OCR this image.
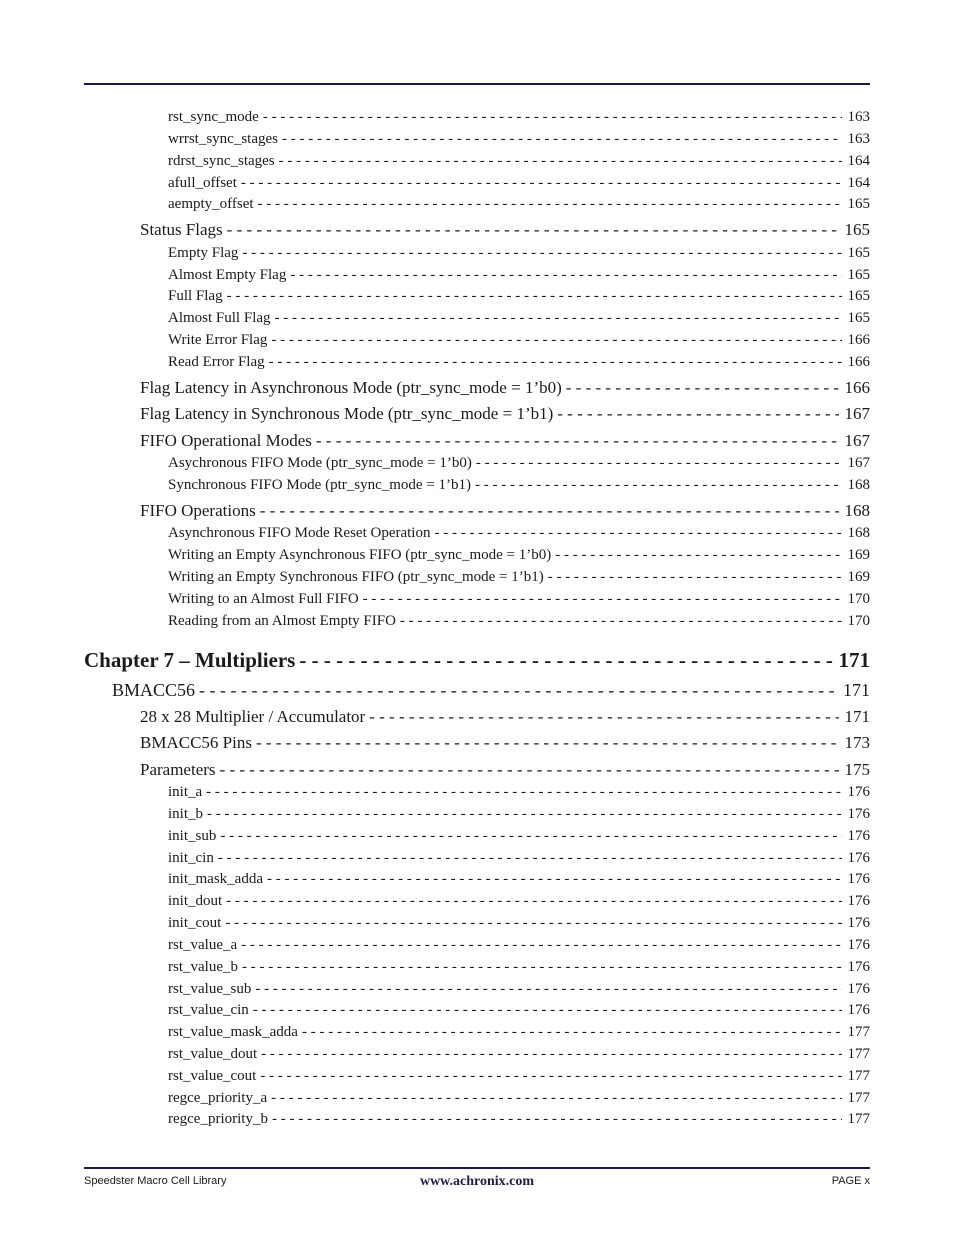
rst_sync_mode - - -	163
wrrst_sync_stages - - -	163
rdrst_sync_stages - - -	164
afull_offset - - -	164
aempty_offset - - -	165
Status Flags - - -	165
Empty Flag - - -	165
Almost Empty Flag - - -	165
Full Flag - - -	165
Almost Full Flag - - -	165
Write Error Flag - - -	166
Read Error Flag - - -	166
Flag Latency in Asynchronous Mode (ptr_sync_mode = 1’b0) - - -	166
Flag Latency in Synchronous Mode (ptr_sync_mode = 1’b1) - - -	167
FIFO Operational Modes - - -	167
Asychronous FIFO Mode (ptr_sync_mode = 1’b0) - - -	167
Synchronous FIFO Mode (ptr_sync_mode = 1’b1) - - -	168
FIFO Operations - - -	168
Asynchronous FIFO Mode Reset Operation - - -	168
Writing an Empty Asynchronous FIFO (ptr_sync_mode = 1’b0) - - -	169
Writing an Empty Synchronous FIFO (ptr_sync_mode = 1’b1) - - -	169
Writing to an Almost Full FIFO - - -	170
Reading from an Almost Empty FIFO - - -	170
Chapter 7 – Multipliers - - -	171
BMACC56 - - -	171
28 x 28 Multiplier / Accumulator - - -	171
BMACC56 Pins - - -	173
Parameters - - -	175
init_a - - -	176
init_b - - -	176
init_sub - - -	176
init_cin - - -	176
init_mask_adda - - -	176
init_dout - - -	176
init_cout - - -	176
rst_value_a - - -	176
rst_value_b - - -	176
rst_value_sub - - -	176
rst_value_cin - - -	176
rst_value_mask_adda - - -	177
rst_value_dout - - -	177
rst_value_cout - - -	177
regce_priority_a - - -	177
regce_priority_b - - -	177
Speedster Macro Cell Library	www.achronix.com	PAGE x
